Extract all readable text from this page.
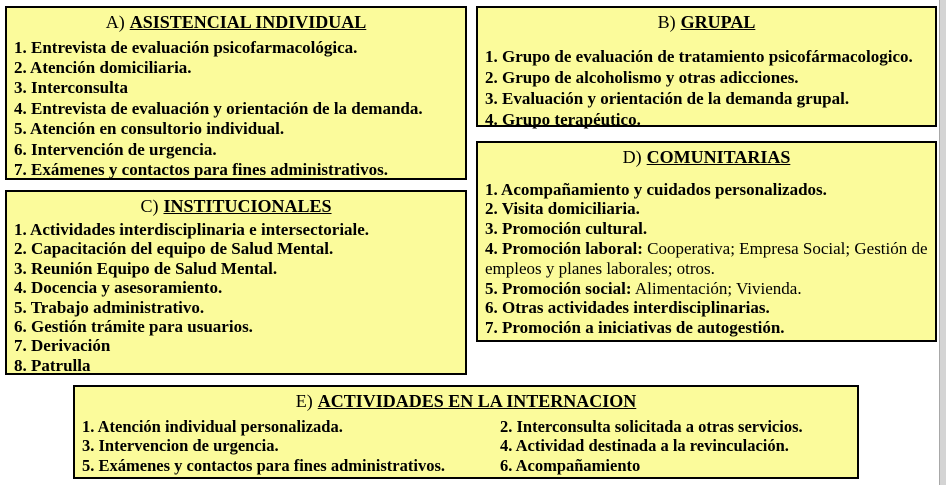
A) ASISTENCIAL INDIVIDUAL
1. Entrevista de evaluación psicofarmacológica.
2. Atención domiciliaria.
3. Interconsulta
4. Entrevista de evaluación y orientación de la demanda.
5. Atención en consultorio individual.
6. Intervención de urgencia.
7. Exámenes y contactos para fines administrativos.
B) GRUPAL
1. Grupo de evaluación de tratamiento psicofármacologico.
2. Grupo de alcoholismo y otras adicciones.
3. Evaluación y orientación de la demanda grupal.
4. Grupo terapéutico.
C) INSTITUCIONALES
1. Actividades interdisciplinaria e intersectoriale.
2. Capacitación del equipo de Salud Mental.
3. Reunión Equipo de Salud Mental.
4. Docencia y asesoramiento.
5. Trabajo administrativo.
6. Gestión trámite para usuarios.
7. Derivación
8. Patrulla
D) COMUNITARIAS
1. Acompañamiento y cuidados personalizados.
2. Visita domiciliaria.
3. Promoción cultural.
4. Promoción laboral: Cooperativa; Empresa Social; Gestión de empleos y planes laborales; otros.
5. Promoción social: Alimentación; Vivienda.
6. Otras actividades interdisciplinarias.
7. Promoción a iniciativas de autogestión.
E) ACTIVIDADES EN LA INTERNACION
1. Atención individual personalizada.
3. Intervencion de urgencia.
5. Exámenes y contactos para fines administrativos.
2. Interconsulta solicitada a otras servicios.
4. Actividad destinada a la revinculación.
6. Acompañamiento
